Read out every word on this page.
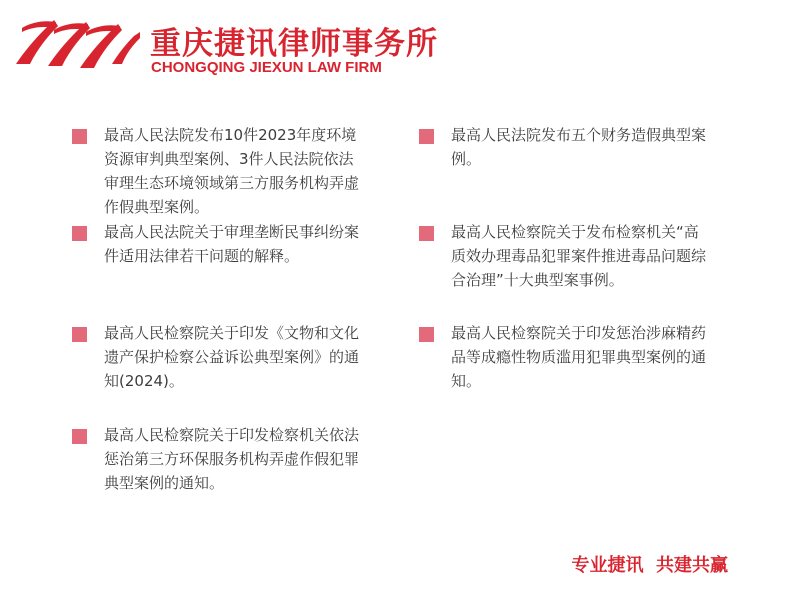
重庆捷讯律师事务所
CHONGQING JIEXUN LAW FIRM
最高人民法院发布10件2023年度环境资源审判典型案例、3件人民法院依法审理生态环境领域第三方服务机构弄虚作假典型案例。
最高人民法院关于审理垄断民事纠纷案件适用法律若干问题的解释。
最高人民检察院关于印发《文物和文化遗产保护检察公益诉讼典型案例》的通知(2024)。
最高人民检察院关于印发检察机关依法惩治第三方环保服务机构弄虚作假犯罪典型案例的通知。
最高人民法院发布五个财务造假典型案例。
最高人民检察院关于发布检察机关“高质效办理毒品犯罪案件推进毒品问题综合治理”十大典型案事例。
最高人民检察院关于印发惩治涉麻精药品等成瘾性物质滥用犯罪典型案例的通知。
专业捷讯  共建共赢
